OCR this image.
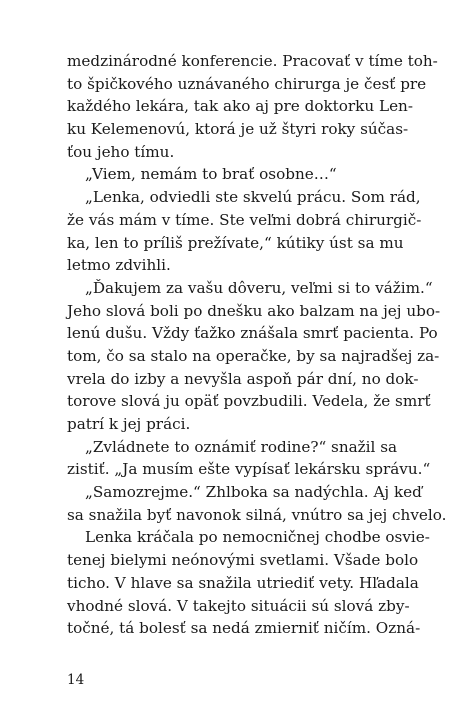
medzinárodné konferencie. Pracovať v tíme toh-
to špičkového uznávaného chirurga je česť pre
každého lekára, tak ako aj pre doktorku Len-
ku Kelemenovú, ktorá je už štyri roky súčas-
ťou jeho tímu.
„Viem, nemám to brať osobne…“
„Lenka, odviedli ste skvelú prácu. Som rád,
že vás mám v tíme. Ste veľmi dobrá chirurgič-
ka, len to príliš prežívate,“ kútiky úst sa mu
letmo zdvihli.
„Ďakujem za vašu dôveru, veľmi si to vážim.“
Jeho slová boli po dnešku ako balzam na jej ubo-
lenú dušu. Vždy ťažko znášala smrť pacienta. Po
tom, čo sa stalo na operačke, by sa najradšej za-
vrela do izby a nevyšla aspoň pár dní, no dok-
torove slová ju opäť povzbudili. Vedela, že smrť
patrí k jej práci.
„Zvládnete to oznámiť rodine?“ snažil sa
zistiť. „Ja musím ešte vypísať lekársku správu.“
„Samozrejme.“ Zhlboka sa nadýchla. Aj keď
sa snažila byť navonok silná, vnútro sa jej chvelo.
Lenka kráčala po nemocničnej chodbe osvie-
tenej bielymi neónovými svetlami. Všade bolo
ticho. V hlave sa snažila utriediť vety. Hľadala
vhodné slová. V takejto situácii sú slová zby-
točné, tá bolesť sa nedá zmierniť ničím. Ozná-
14
